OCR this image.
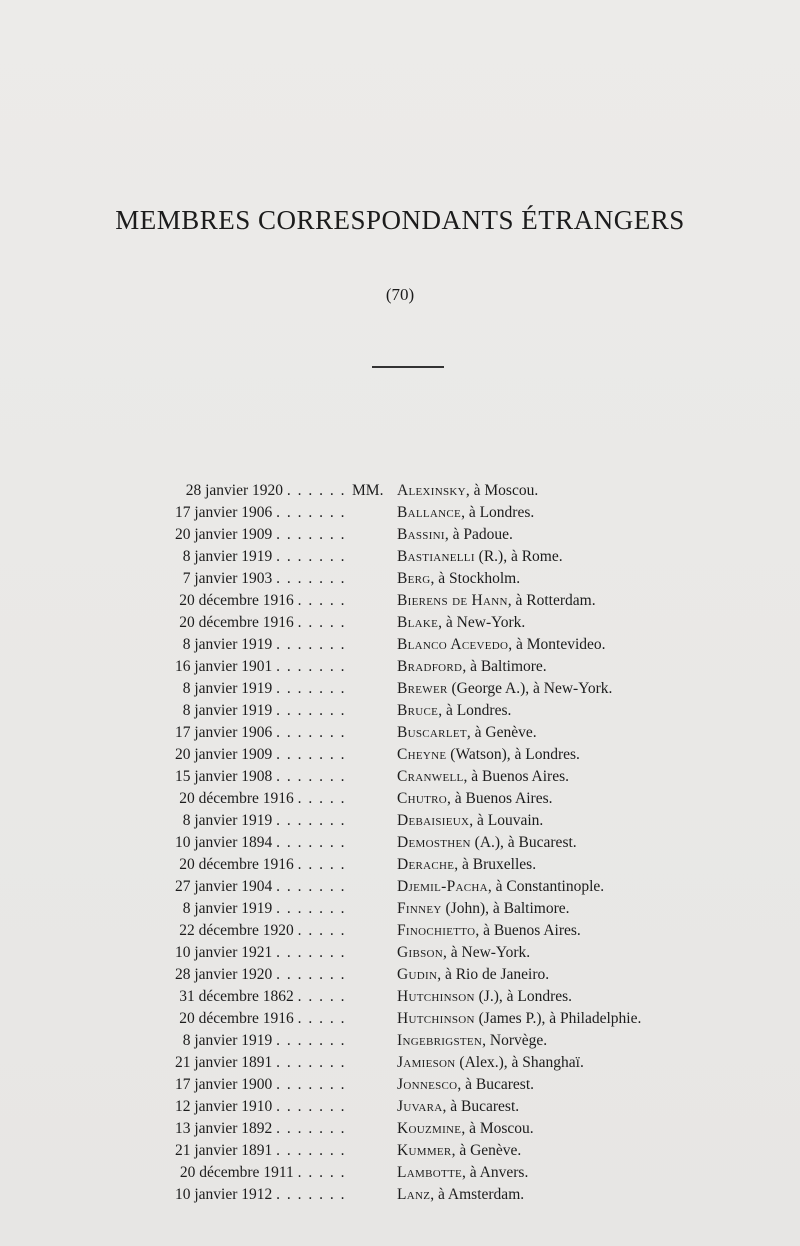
MEMBRES CORRESPONDANTS ÉTRANGERS
(70)
28 janvier 1920 . . . . . . MM. Alexinsky, à Moscou.
17 janvier 1906 . . . . . . .	Ballance, à Londres.
20 janvier 1909 . . . . . . .	Bassini, à Padoue.
8 janvier 1919 . . . . . . .	Bastianelli (R.), à Rome.
7 janvier 1903 . . . . . . .	Berg, à Stockholm.
20 décembre 1916 . . . . .	Bierens de Hann, à Rotterdam.
20 décembre 1916 . . . . .	Blake, à New-York.
8 janvier 1919 . . . . . . .	Blanco Acevedo, à Montevideo.
16 janvier 1901 . . . . . . .	Bradford, à Baltimore.
8 janvier 1919 . . . . . . .	Brewer (George A.), à New-York.
8 janvier 1919 . . . . . . .	Bruce, à Londres.
17 janvier 1906 . . . . . . .	Buscarlet, à Genève.
20 janvier 1909 . . . . . . .	Cheyne (Watson), à Londres.
15 janvier 1908 . . . . . . .	Cranwell, à Buenos Aires.
20 décembre 1916 . . . . .	Chutro, à Buenos Aires.
8 janvier 1919 . . . . . . .	Debaisieux, à Louvain.
10 janvier 1894 . . . . . . .	Demosthen (A.), à Bucarest.
20 décembre 1916 . . . . .	Derache, à Bruxelles.
27 janvier 1904 . . . . . . .	Djemil-Pacha, à Constantinople.
8 janvier 1919 . . . . . . .	Finney (John), à Baltimore.
22 décembre 1920 . . . . .	Finochietto, à Buenos Aires.
10 janvier 1921 . . . . . . .	Gibson, à New-York.
28 janvier 1920 . . . . . . .	Gudin, à Rio de Janeiro.
31 décembre 1862 . . . . .	Hutchinson (J.), à Londres.
20 décembre 1916 . . . . .	Hutchinson (James P.), à Philadelphie.
8 janvier 1919 . . . . . . .	Ingebrigsten, Norvège.
21 janvier 1891 . . . . . . .	Jamieson (Alex.), à Shanghaï.
17 janvier 1900 . . . . . . .	Jonnesco, à Bucarest.
12 janvier 1910 . . . . . . .	Juvara, à Bucarest.
13 janvier 1892 . . . . . . .	Kouzmine, à Moscou.
21 janvier 1891 . . . . . . .	Kummer, à Genève.
20 décembre 1911 . . . . .	Lambotte, à Anvers.
10 janvier 1912 . . . . . . .	Lanz, à Amsterdam.
